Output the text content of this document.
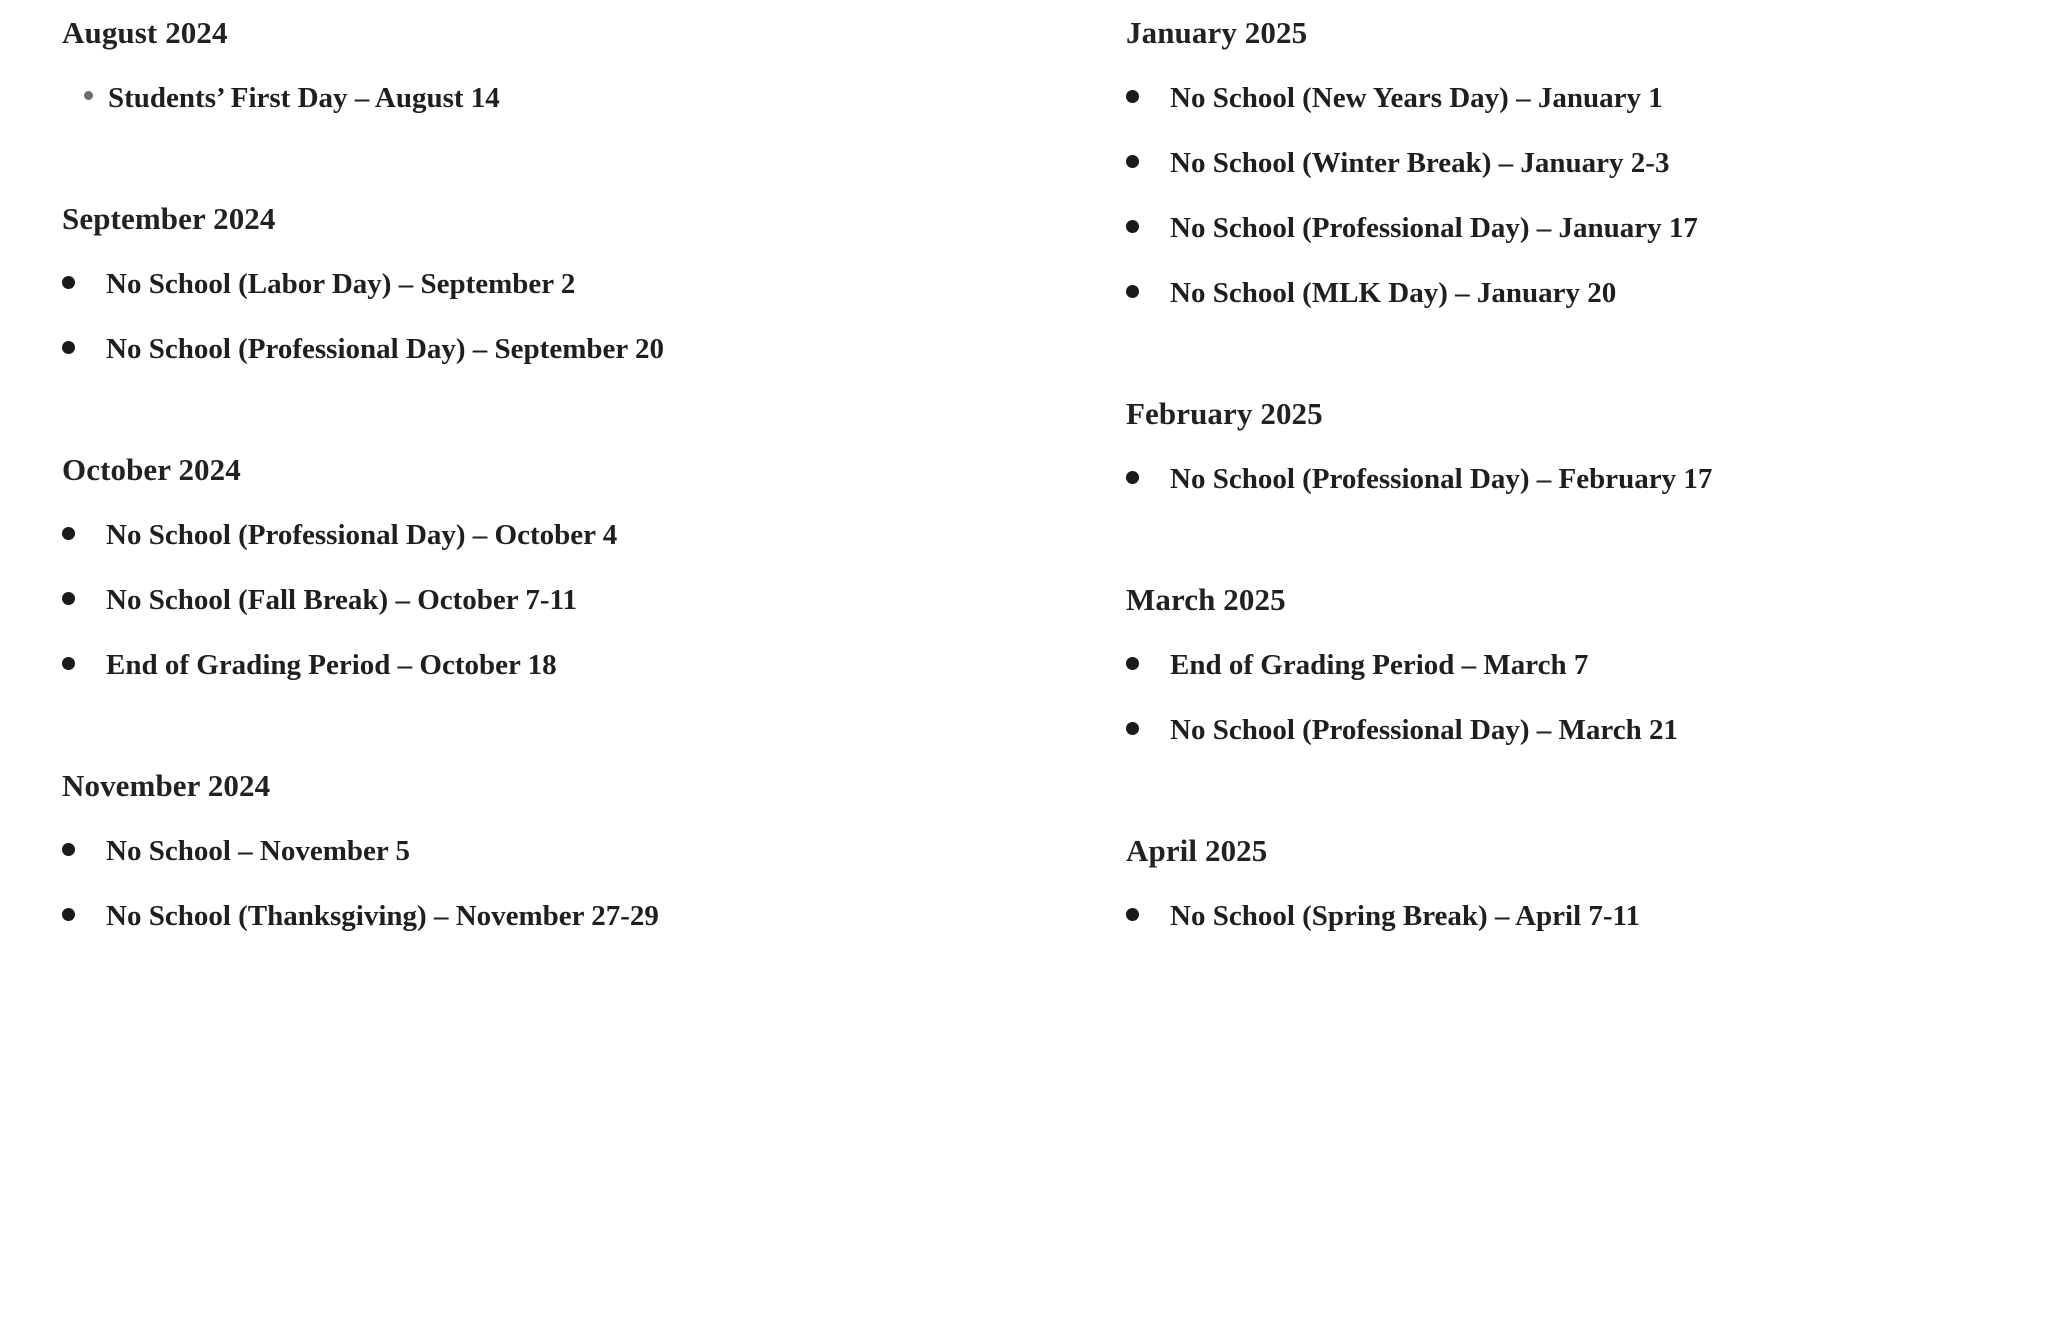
August 2024
Students’ First Day – August 14
September 2024
No School (Labor Day) – September 2
No School (Professional Day) – September 20
October 2024
No School (Professional Day) – October 4
No School (Fall Break) – October 7-11
End of Grading Period – October 18
November 2024
No School – November 5
No School (Thanksgiving) – November 27-29
January 2025
No School (New Years Day) – January 1
No School (Winter Break) – January 2-3
No School (Professional Day) – January 17
No School (MLK Day) – January 20
February 2025
No School (Professional Day) – February 17
March 2025
End of Grading Period – March 7
No School (Professional Day) – March 21
April 2025
No School (Spring Break) – April 7-11
